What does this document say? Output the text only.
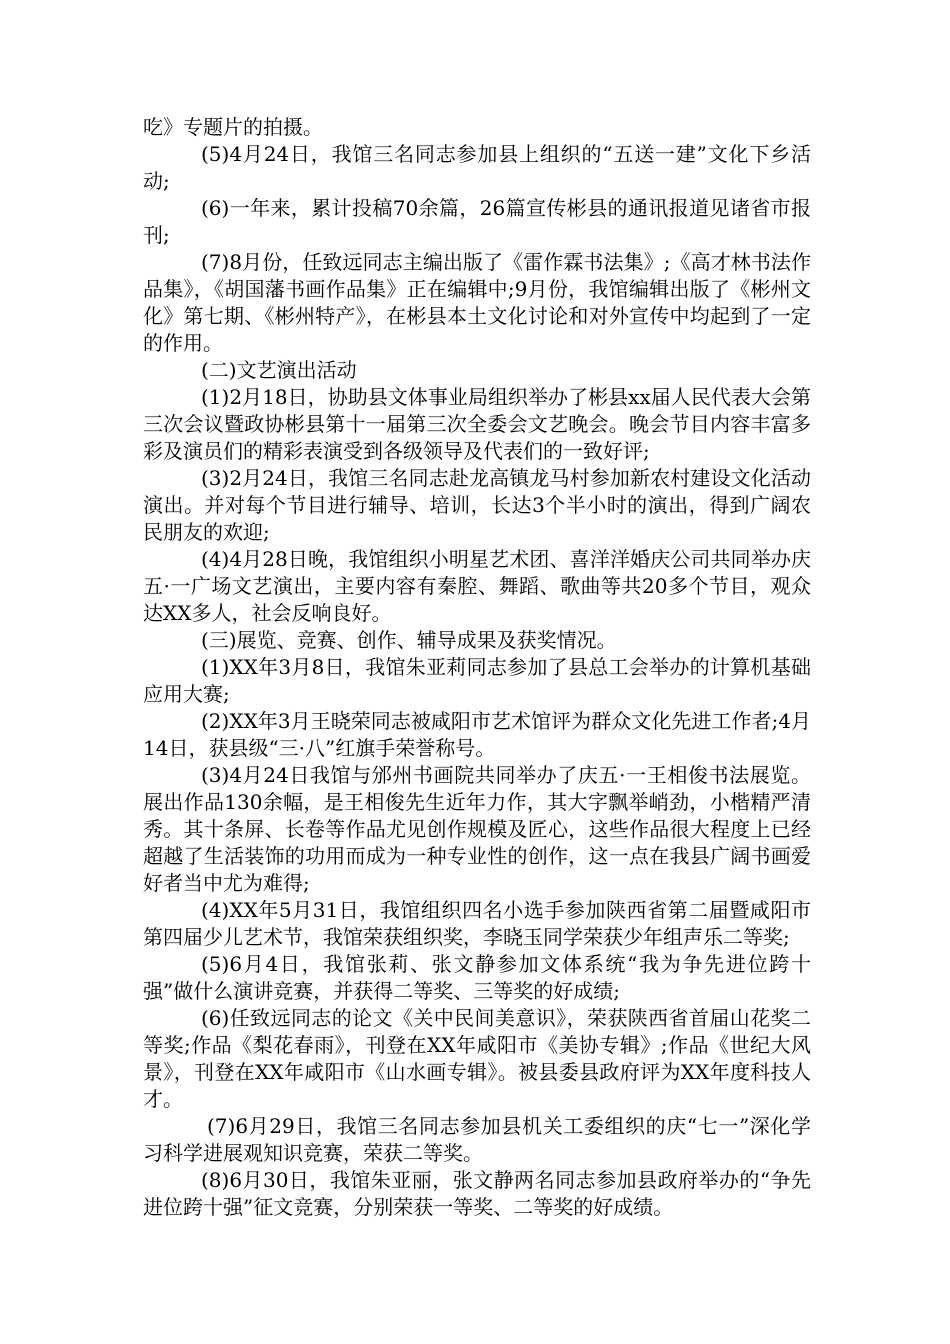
吃》专题片的拍摄。

(5)4月24日，我馆三名同志参加县上组织的“五送一建”文化下乡活动;

(6)一年来，累计投稿70余篇，26篇宣传彬县的通讯报道见诸省市报刊;

(7)8月份，任致远同志主编出版了《雷作霖书法集》;《高才林书法作品集》，《胡国藩书画作品集》正在编辑中;9月份，我馆编辑出版了《彬州文化》第七期、《彬州特产》，在彬县本土文化讨论和对外宣传中均起到了一定的作用。

(二)文艺演出活动

(1)2月18日，协助县文体事业局组织举办了彬县xx届人民代表大会第三次会议暨政协彬县第十一届第三次全委会文艺晚会。晚会节目内容丰富多彩及演员们的精彩表演受到各级领导及代表们的一致好评;

(3)2月24日，我馆三名同志赴龙高镇龙马村参加新农村建设文化活动演出。并对每个节目进行辅导、培训，长达3个半小时的演出，得到广阔农民朋友的欢迎;

(4)4月28日晚，我馆组织小明星艺术团、喜洋洋婚庆公司共同举办庆五·一广场文艺演出，主要内容有秦腔、舞蹈、歌曲等共20多个节目，观众达XX多人，社会反响良好。

(三)展览、竞赛、创作、辅导成果及获奖情况。

(1)XX年3月8日，我馆朱亚莉同志参加了县总工会举办的计算机基础应用大赛;

(2)XX年3月王晓荣同志被咸阳市艺术馆评为群众文化先进工作者;4月14日，获县级“三·八”红旗手荣誉称号。

(3)4月24日我馆与邠州书画院共同举办了庆五·一王相俊书法展览。展出作品130余幅，是王相俊先生近年力作，其大字飘举峭劲，小楷精严清秀。其十条屏、长卷等作品尤见创作规模及匠心，这些作品很大程度上已经超越了生活装饰的功用而成为一种专业性的创作，这一点在我县广阔书画爱好者当中尤为难得;

(4)XX年5月31日，我馆组织四名小选手参加陕西省第二届暨咸阳市第四届少儿艺术节，我馆荣获组织奖，李晓玉同学荣获少年组声乐二等奖;

(5)6月4日，我馆张莉、张文静参加文体系统“我为争先进位跨十强”做什么演讲竞赛，并获得二等奖、三等奖的好成绩;

(6)任致远同志的论文《关中民间美意识》，荣获陕西省首届山花奖二等奖;作品《梨花春雨》，刊登在XX年咸阳市《美协专辑》;作品《世纪大风景》，刊登在XX年咸阳市《山水画专辑》。被县委县政府评为XX年度科技人才。

(7)6月29日，我馆三名同志参加县机关工委组织的庆“七一”深化学习科学进展观知识竞赛，荣获二等奖。

(8)6月30日，我馆朱亚丽，张文静两名同志参加县政府举办的“争先进位跨十强”征文竞赛，分别荣获一等奖、二等奖的好成绩。
